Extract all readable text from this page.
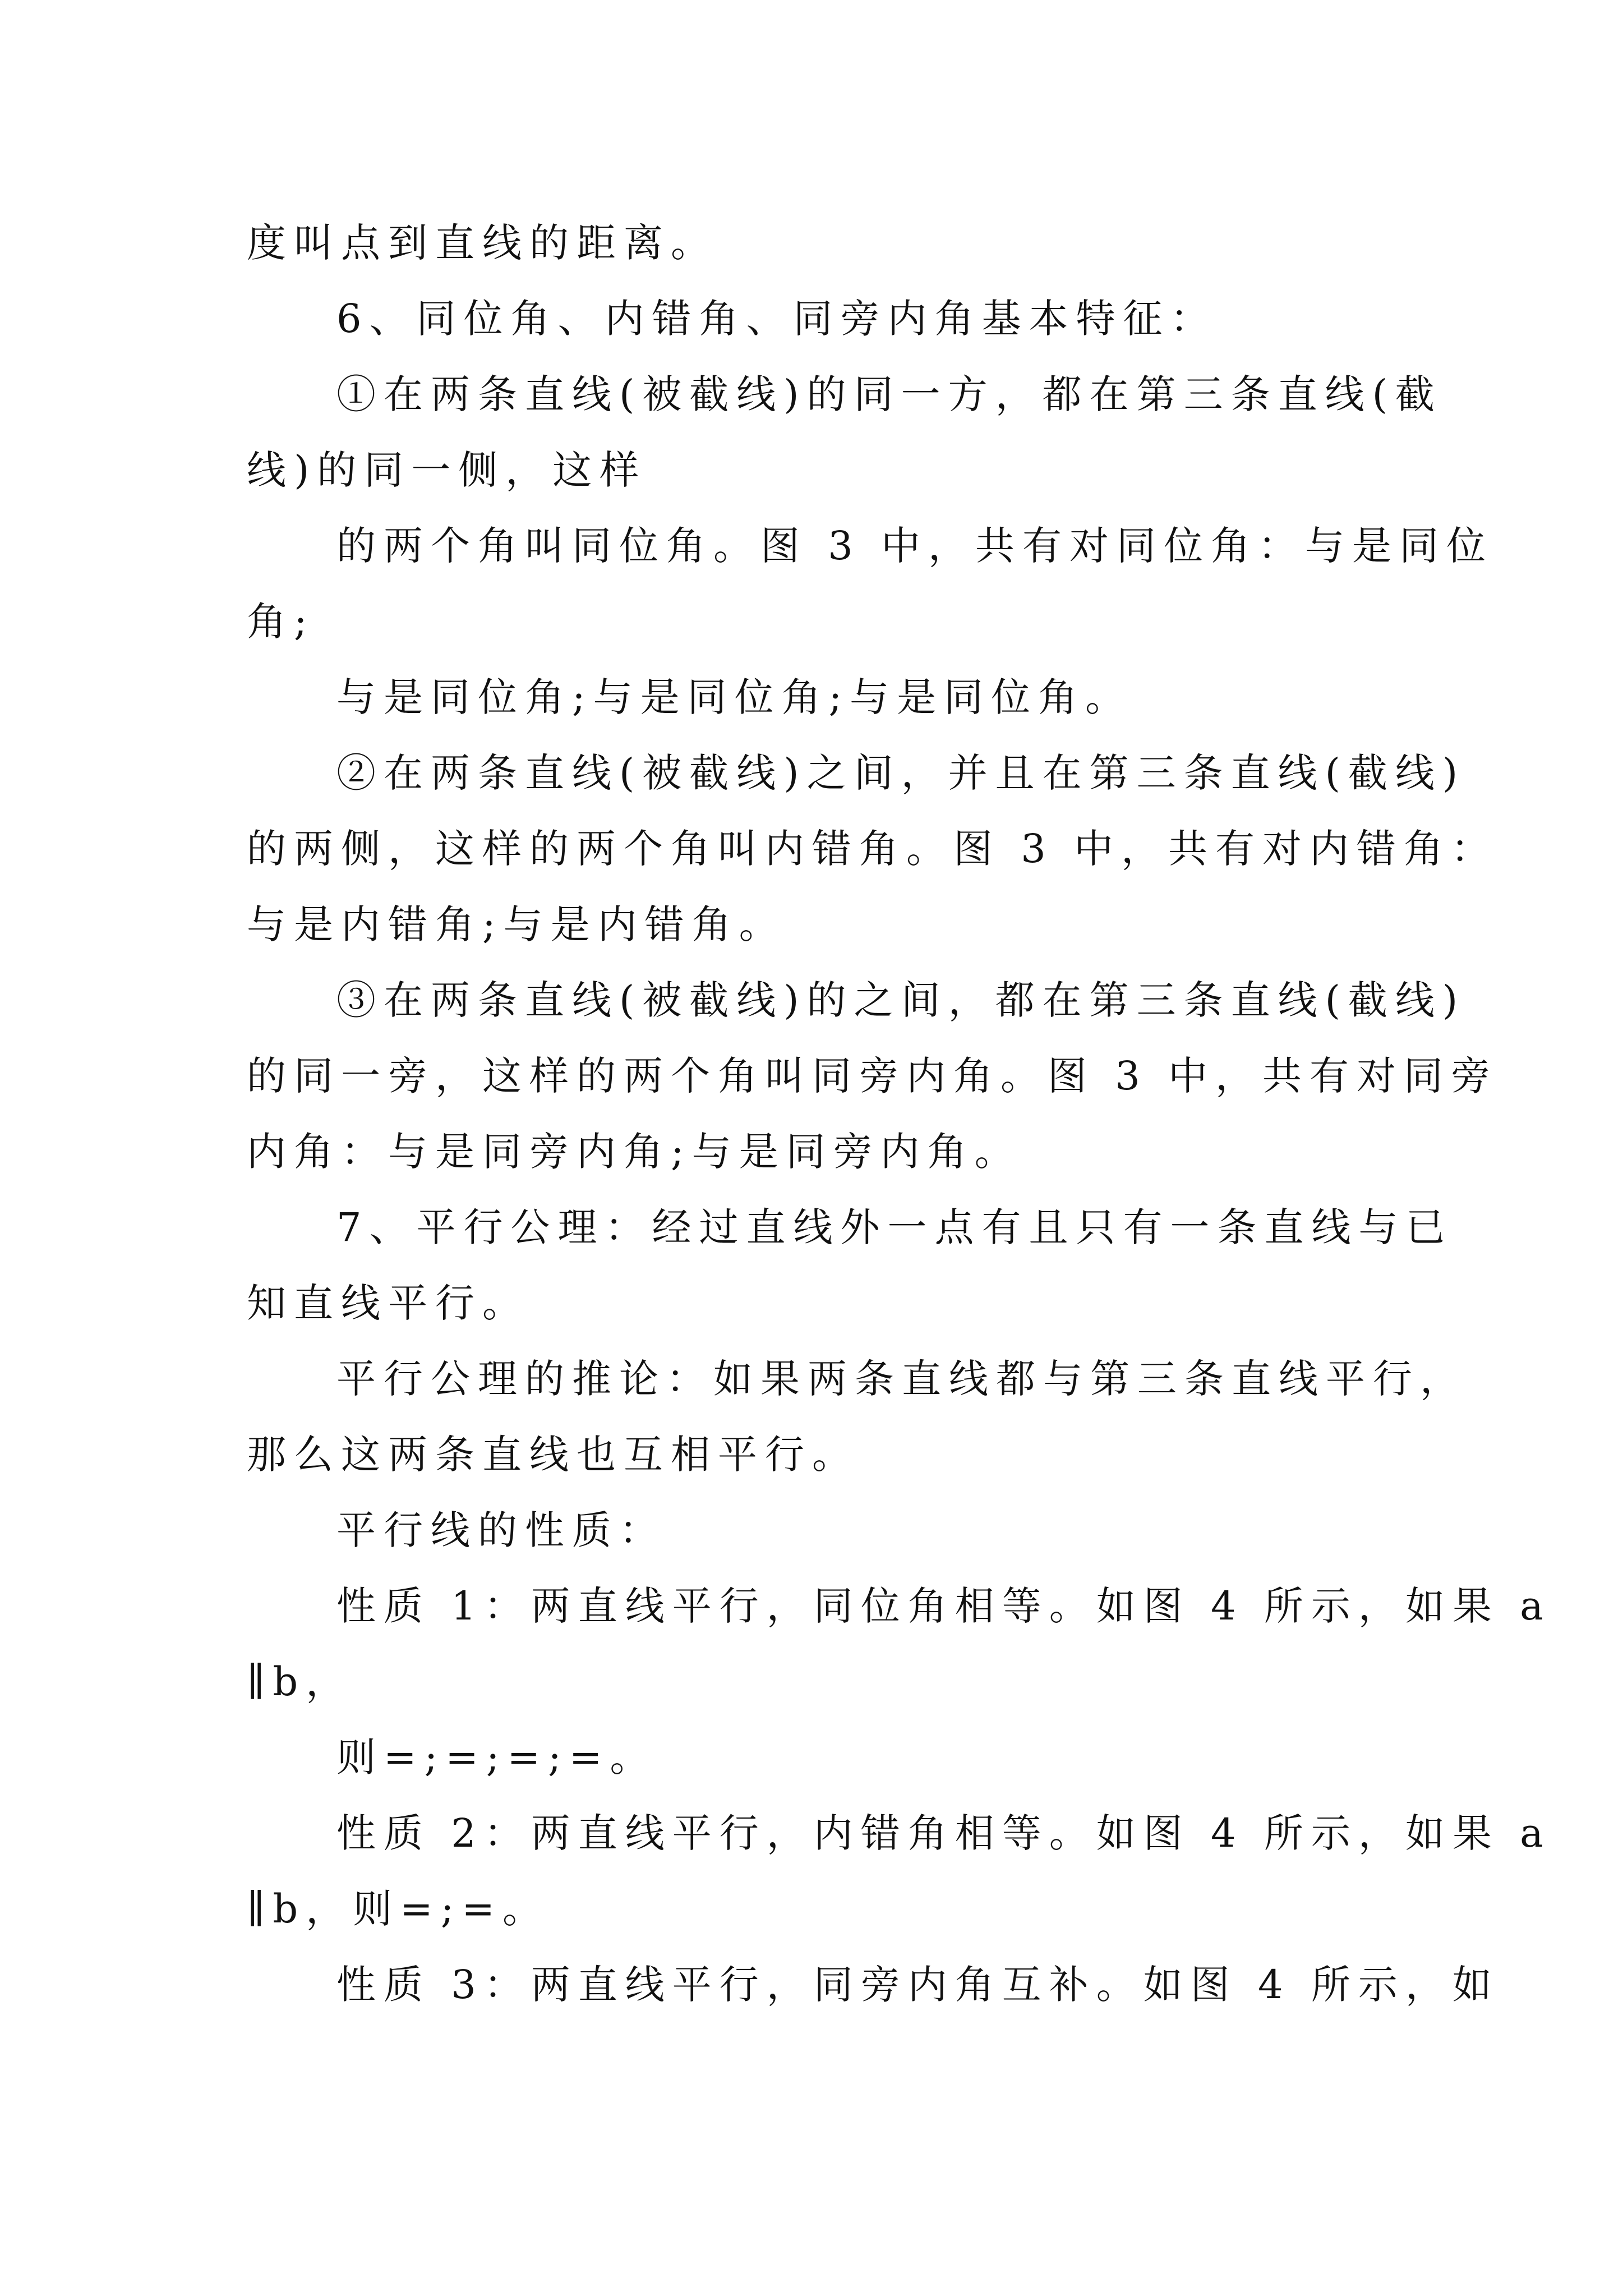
度叫点到直线的距离。
6、同位角、内错角、同旁内角基本特征：
①在两条直线(被截线)的同一方，都在第三条直线(截
线)的同一侧，这样
的两个角叫同位角。图 3 中，共有对同位角：与是同位
角;
与是同位角;与是同位角;与是同位角。
②在两条直线(被截线)之间，并且在第三条直线(截线)
的两侧，这样的两个角叫内错角。图 3 中，共有对内错角：
与是内错角;与是内错角。
③在两条直线(被截线)的之间，都在第三条直线(截线)
的同一旁，这样的两个角叫同旁内角。图 3 中，共有对同旁
内角：与是同旁内角;与是同旁内角。
7、平行公理：经过直线外一点有且只有一条直线与已
知直线平行。
平行公理的推论：如果两条直线都与第三条直线平行，
那么这两条直线也互相平行。
平行线的性质：
性质 1：两直线平行，同位角相等。如图 4 所示，如果 a
∥b，
则=;=;=;=。
性质 2：两直线平行，内错角相等。如图 4 所示，如果 a
∥b，则=;=。
性质 3：两直线平行，同旁内角互补。如图 4 所示，如
